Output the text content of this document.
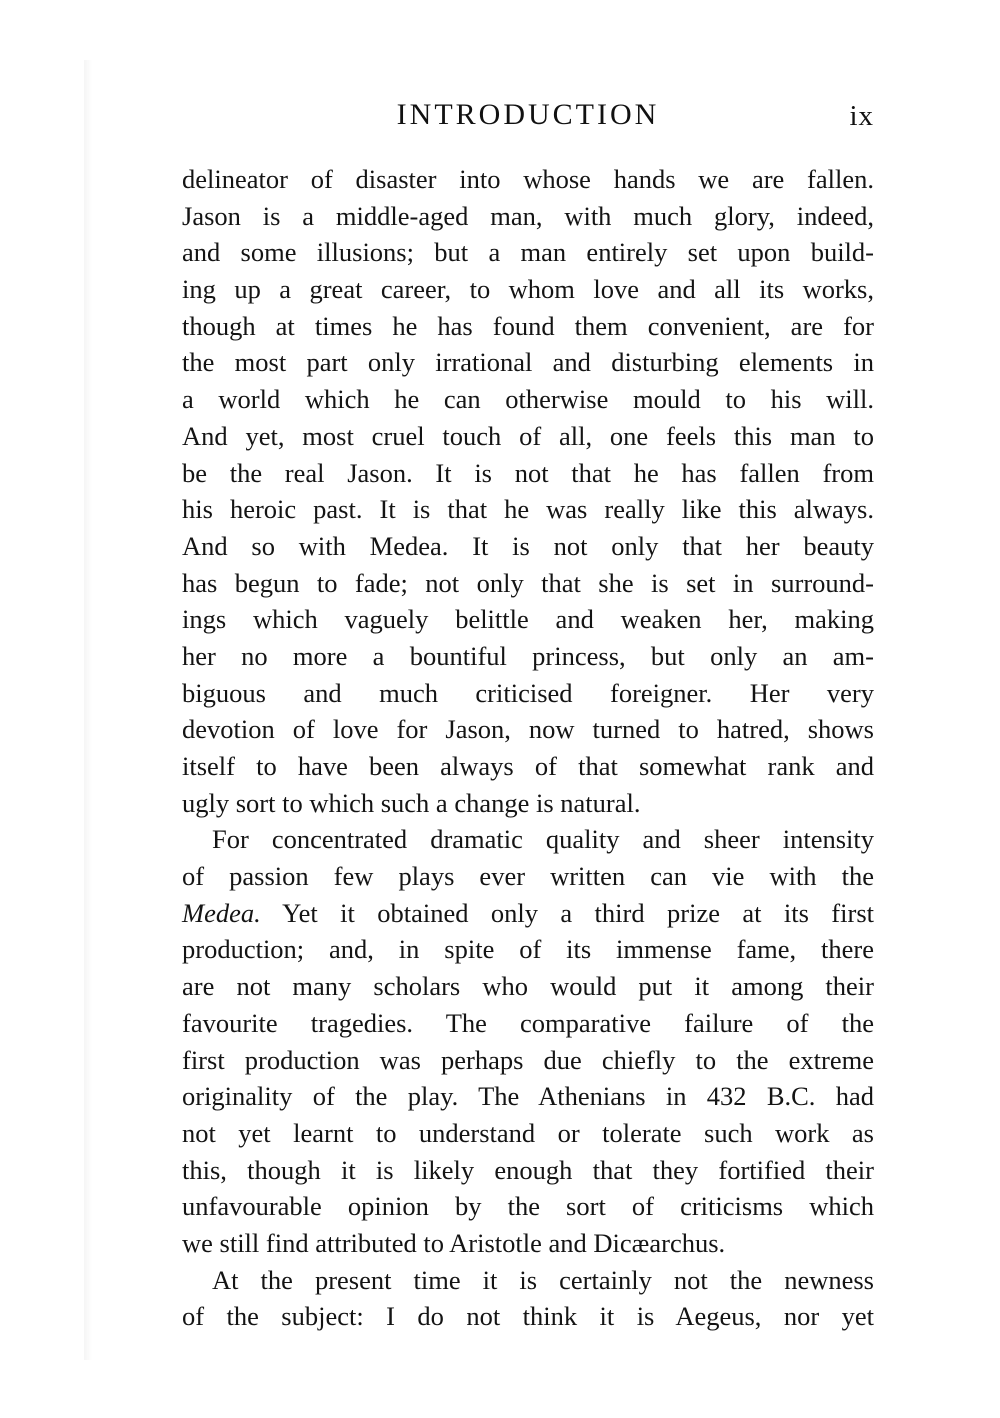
INTRODUCTION	ix
delineator of disaster into whose hands we are fallen.
Jason is a middle-aged man, with much glory, indeed,
and some illusions; but a man entirely set upon build-
ing up a great career, to whom love and all its works,
though at times he has found them convenient, are for
the most part only irrational and disturbing elements in
a world which he can otherwise mould to his will.
And yet, most cruel touch of all, one feels this man to
be the real Jason. It is not that he has fallen from
his heroic past. It is that he was really like this always.
And so with Medea. It is not only that her beauty
has begun to fade; not only that she is set in surround-
ings which vaguely belittle and weaken her, making
her no more a bountiful princess, but only an am-
biguous and much criticised foreigner. Her very
devotion of love for Jason, now turned to hatred, shows
itself to have been always of that somewhat rank and
ugly sort to which such a change is natural.
For concentrated dramatic quality and sheer intensity
of passion few plays ever written can vie with the
Medea. Yet it obtained only a third prize at its first
production; and, in spite of its immense fame, there
are not many scholars who would put it among their
favourite tragedies. The comparative failure of the
first production was perhaps due chiefly to the extreme
originality of the play. The Athenians in 432 B.C. had
not yet learnt to understand or tolerate such work as
this, though it is likely enough that they fortified their
unfavourable opinion by the sort of criticisms which
we still find attributed to Aristotle and Dicæarchus.
At the present time it is certainly not the newness
of the subject: I do not think it is Aegeus, nor yet
